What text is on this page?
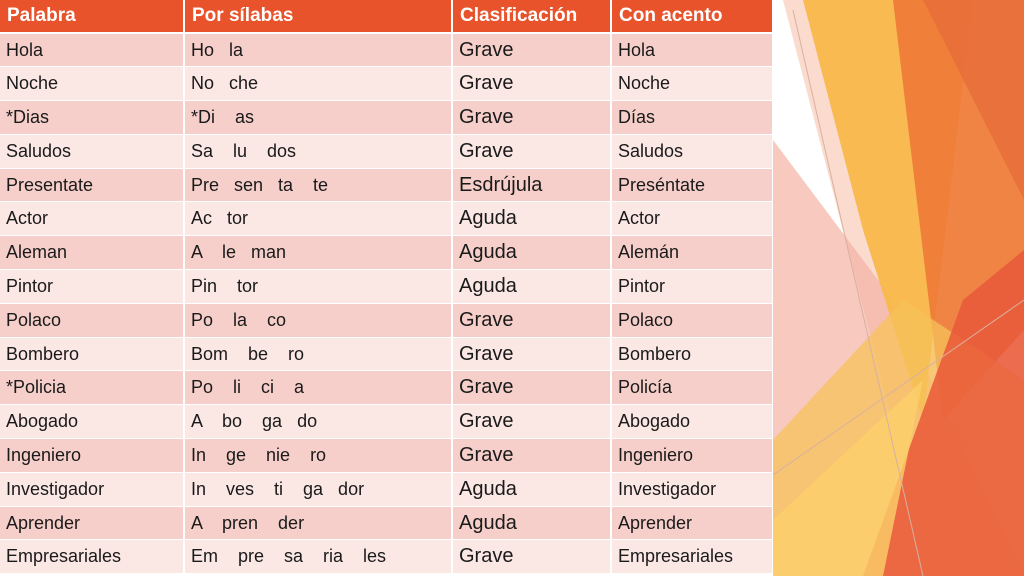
Palabra	Por sílabas	Clasificación	Con acento
Hola	Ho   la	Grave	Hola
Noche	No   che	Grave	Noche
*Dias	*Di    as	Grave	Días
Saludos	Sa    lu    dos	Grave	Saludos
Presentate	Pre   sen   ta    te	Esdrújula	Preséntate
Actor	Ac   tor	Aguda	Actor
Aleman	A    le   man	Aguda	Alemán
Pintor	Pin    tor	Aguda	Pintor
Polaco	Po    la    co	Grave	Polaco
Bombero	Bom    be    ro	Grave	Bombero
*Policia	Po    li    ci    a	Grave	Policía
Abogado	A    bo    ga   do	Grave	Abogado
Ingeniero	In    ge    nie    ro	Grave	Ingeniero
Investigador	In    ves    ti    ga   dor	Aguda	Investigador
Aprender	A    pren    der	Aguda	Aprender
Empresariales	Em    pre    sa    ria    les	Grave	Empresariales
